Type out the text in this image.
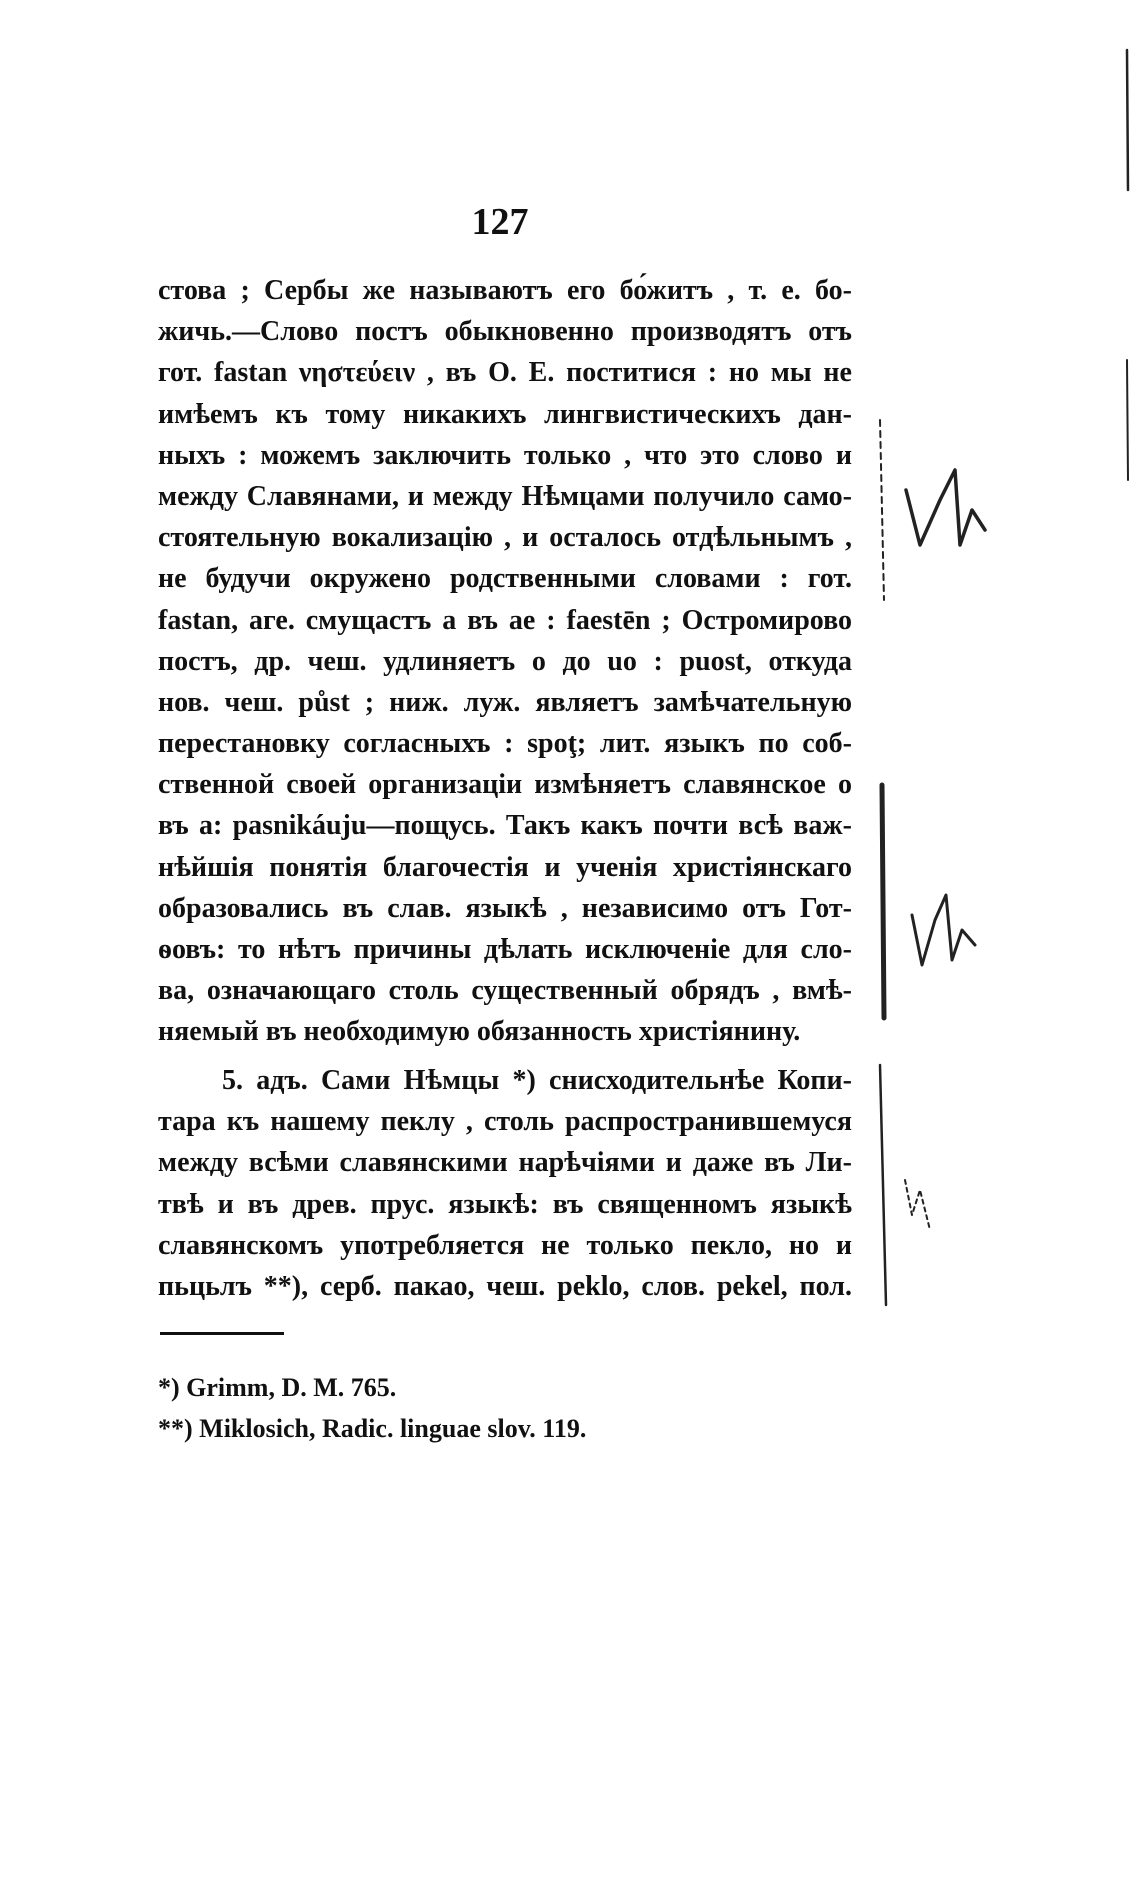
127
стова ; Сербы же называютъ его бо́житъ , т. е. бо-
жичь.—Слово постъ обыкновенно производятъ отъ
гот. fastan νηστεύειν , въ О. Е. поститися : но мы не
имѣемъ къ тому никакихъ лингвистическихъ дан-
ныхъ : можемъ заключить только , что это слово и
между Славянами, и между Нѣмцами получило само-
стоятельную вокализацію , и осталось отдѣльнымъ ,
не будучи окружено родственными словами : гот.
fastan, аге. смущастъ а въ ае : faestēn ; Остромирово
постъ, др. чеш. удлиняетъ о до uo : puost, откуда
нов. чеш. půst ; ниж. луж. являетъ замѣчательную
перестановку согласныхъ : spoţ; лит. языкъ по соб-
ственной своей организаціи измѣняетъ славянское о
въ а: pasnikáuju—пощусь. Такъ какъ почти всѣ важ-
нѣйшія понятія благочестія и ученія христіянскаго
образовались въ слав. языкѣ , независимо отъ Гот-
ѳовъ: то нѣтъ причины дѣлать исключеніе для сло-
ва, означающаго столь существенный обрядъ , вмѣ-
няемый въ необходимую обязанность христіянину.
5. адъ. Сами Нѣмцы *) снисходительнѣе Копи-
тара къ нашему пеклу , столь распространившемуся
между всѣми славянскими нарѣчіями и даже въ Ли-
твѣ и въ древ. прус. языкѣ: въ священномъ языкѣ
славянскомъ употребляется не только пекло, но и
пьцьлъ **), серб. пакао, чеш. peklo, слов. pekel, пол.
*) Grimm, D. M. 765.
**) Miklosich, Radic. linguae slov. 119.
